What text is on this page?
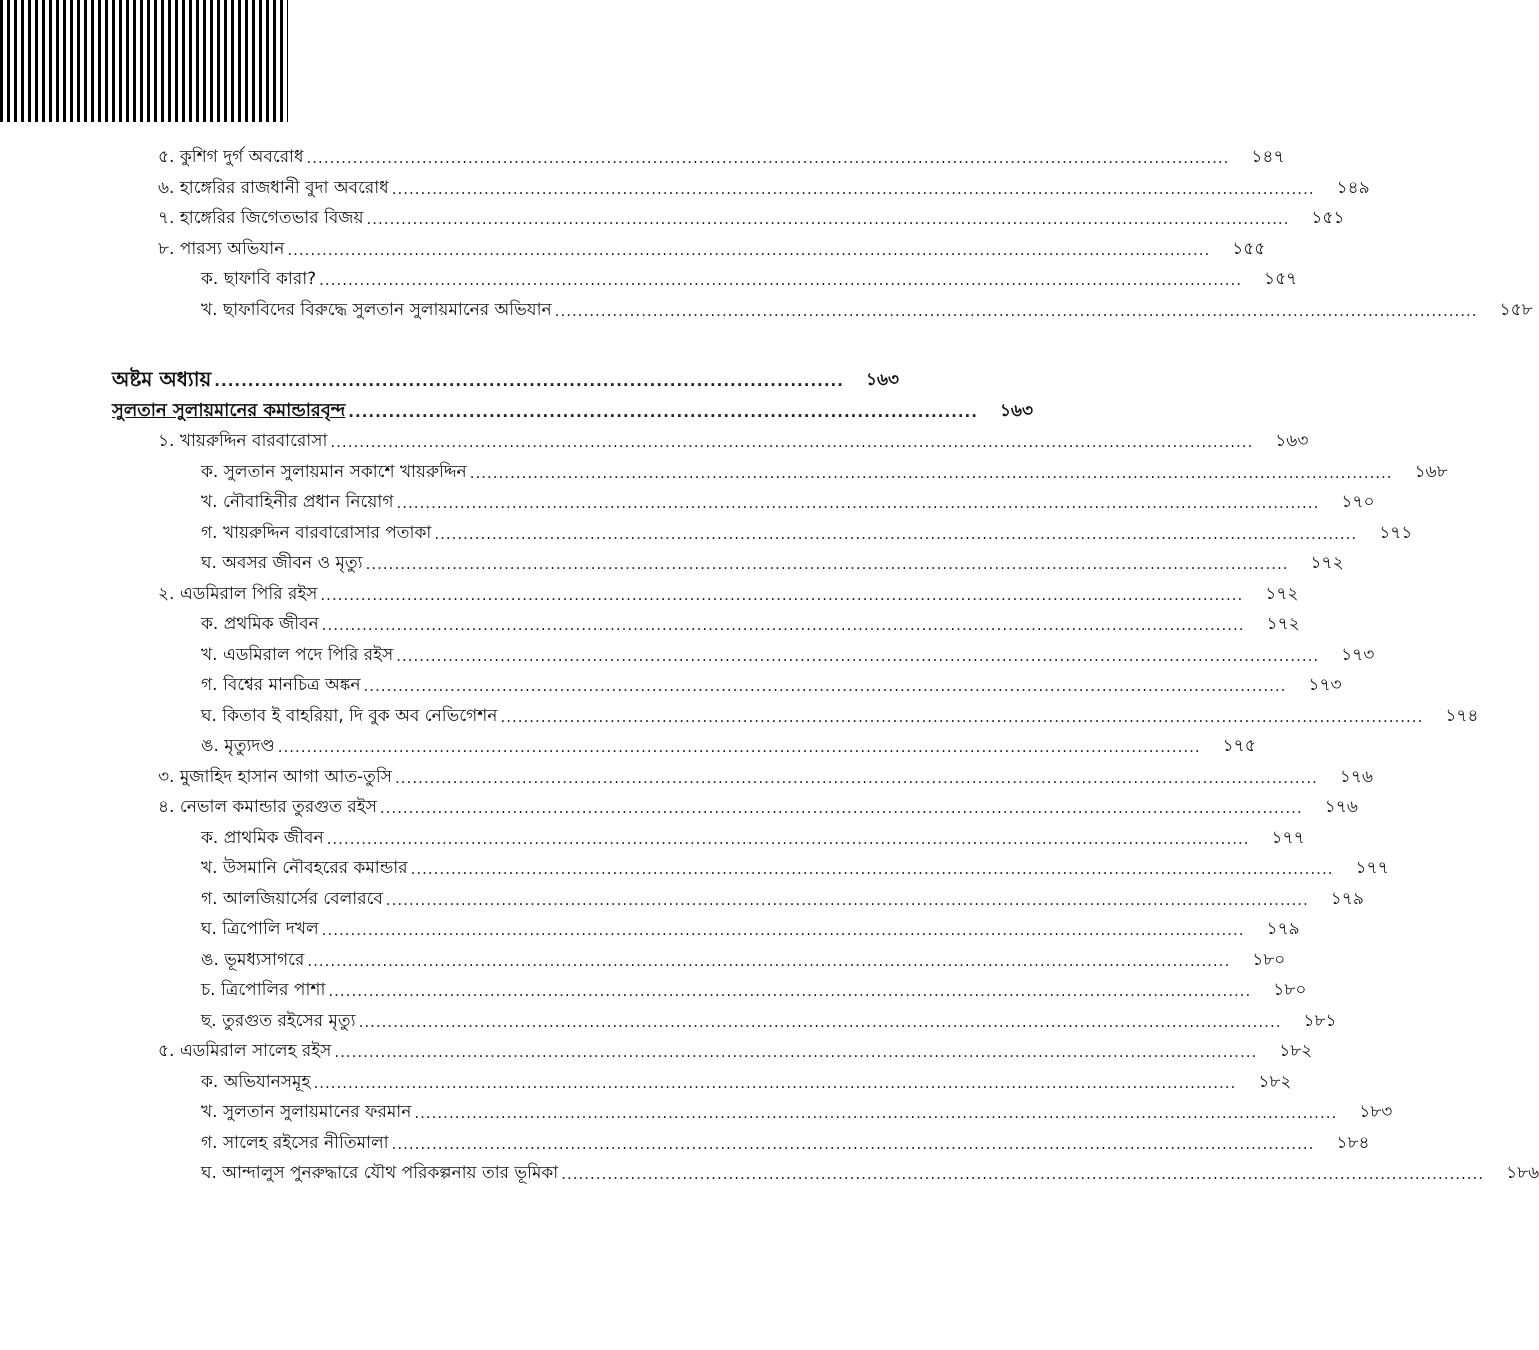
৫. কুশিগ দুর্গ অবরোধ ................................................................................................................................................................	১৪৭
৬. হাঙ্গেরির রাজধানী বুদা অবরোধ ................................................................................................................................................................	১৪৯
৭. হাঙ্গেরির জিগেতভার বিজয় ................................................................................................................................................................	১৫১
৮. পারস্য অভিযান ................................................................................................................................................................	১৫৫
ক. ছাফাবি কারা? ................................................................................................................................................................	১৫৭
খ. ছাফাবিদের বিরুদ্ধে সুলতান সুলায়মানের অভিযান ................................................................................................................................................................	১৫৮
অষ্টম অধ্যায় ..............................................................................................	১৬৩
সুলতান সুলায়মানের কমান্ডারবৃন্দ ..............................................................................................	১৬৩
১. খায়রুদ্দিন বারবারোসা ................................................................................................................................................................	১৬৩
ক. সুলতান সুলায়মান সকাশে খায়রুদ্দিন ................................................................................................................................................................	১৬৮
খ. নৌবাহিনীর প্রধান নিয়োগ ................................................................................................................................................................	১৭০
গ. খায়রুদ্দিন বারবারোসার পতাকা ................................................................................................................................................................	১৭১
ঘ. অবসর জীবন ও মৃত্যু ................................................................................................................................................................	১৭২
২. এডমিরাল পিরি রইস ................................................................................................................................................................	১৭২
ক. প্রথমিক জীবন ................................................................................................................................................................	১৭২
খ. এডমিরাল পদে পিরি রইস ................................................................................................................................................................	১৭৩
গ. বিশ্বের মানচিত্র অঙ্কন ................................................................................................................................................................	১৭৩
ঘ. কিতাব ই বাহরিয়া, দি বুক অব নেভিগেশন ................................................................................................................................................................	১৭৪
ঙ. মৃত্যুদণ্ড ................................................................................................................................................................	১৭৫
৩. মুজাহিদ হাসান আগা আত-তুসি ................................................................................................................................................................	১৭৬
৪. নেভাল কমান্ডার তুরগুত রইস ................................................................................................................................................................	১৭৬
ক. প্রাথমিক জীবন ................................................................................................................................................................	১৭৭
খ. উসমানি নৌবহরের কমান্ডার ................................................................................................................................................................	১৭৭
গ. আলজিয়ার্সের বেলারবে ................................................................................................................................................................	১৭৯
ঘ. ত্রিপোলি দখল ................................................................................................................................................................	১৭৯
ঙ. ভূমধ্যসাগরে ................................................................................................................................................................	১৮০
চ. ত্রিপোলির পাশা ................................................................................................................................................................	১৮০
ছ. তুরগুত রইসের মৃত্যু ................................................................................................................................................................	১৮১
৫. এডমিরাল সালেহ রইস ................................................................................................................................................................	১৮২
ক. অভিযানসমূহ ................................................................................................................................................................	১৮২
খ. সুলতান সুলায়মানের ফরমান ................................................................................................................................................................	১৮৩
গ. সালেহ রইসের নীতিমালা ................................................................................................................................................................	১৮৪
ঘ. আন্দালুস পুনরুদ্ধারে যৌথ পরিকল্পনায় তার ভূমিকা ................................................................................................................................................................	১৮৬
